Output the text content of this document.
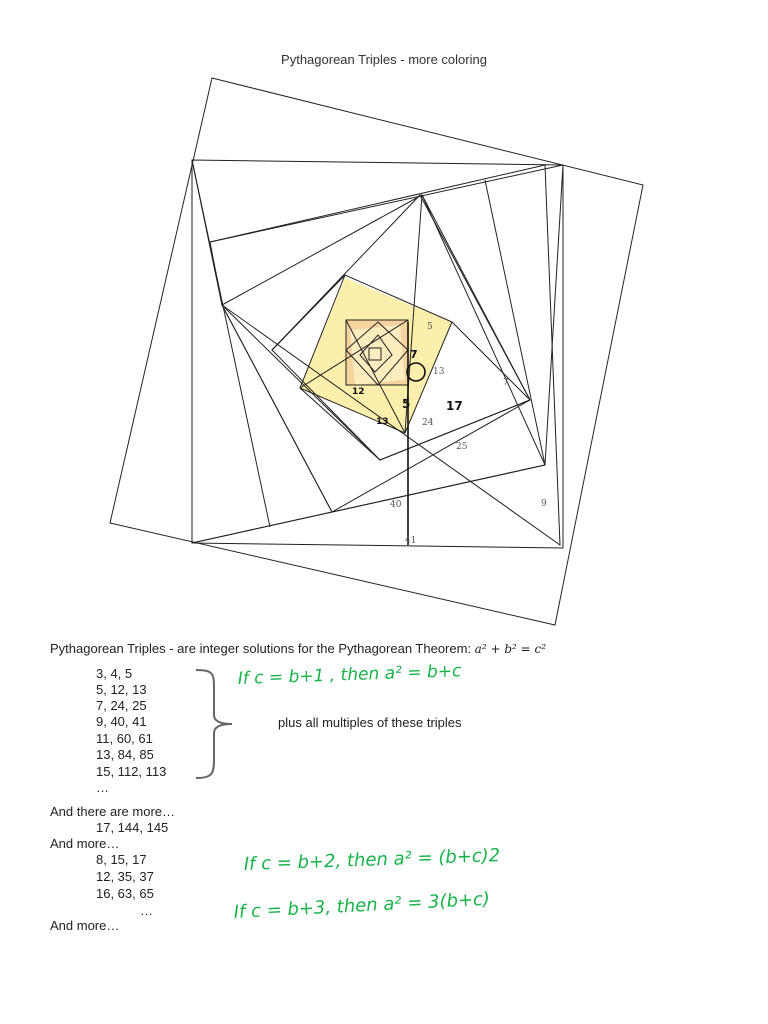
Pythagorean Triples - more coloring
5
7
13
24
25
40	9
41
17
7
5
12
13
Pythagorean Triples - are integer solutions for the Pythagorean Theorem: a² + b² = c²
3, 4, 5
5, 12, 13
7, 24, 25
9, 40, 41
11, 60, 61
13, 84, 85
15, 112, 113
…
plus all multiples of these triples
And there are more…
17, 144, 145
And more…
8, 15, 17
12, 35, 37
16, 63, 65
…
And more…
If c = b+1 , then a² = b+c
If c = b+2, then a² = (b+c)2
If c = b+3, then a² = 3(b+c)
